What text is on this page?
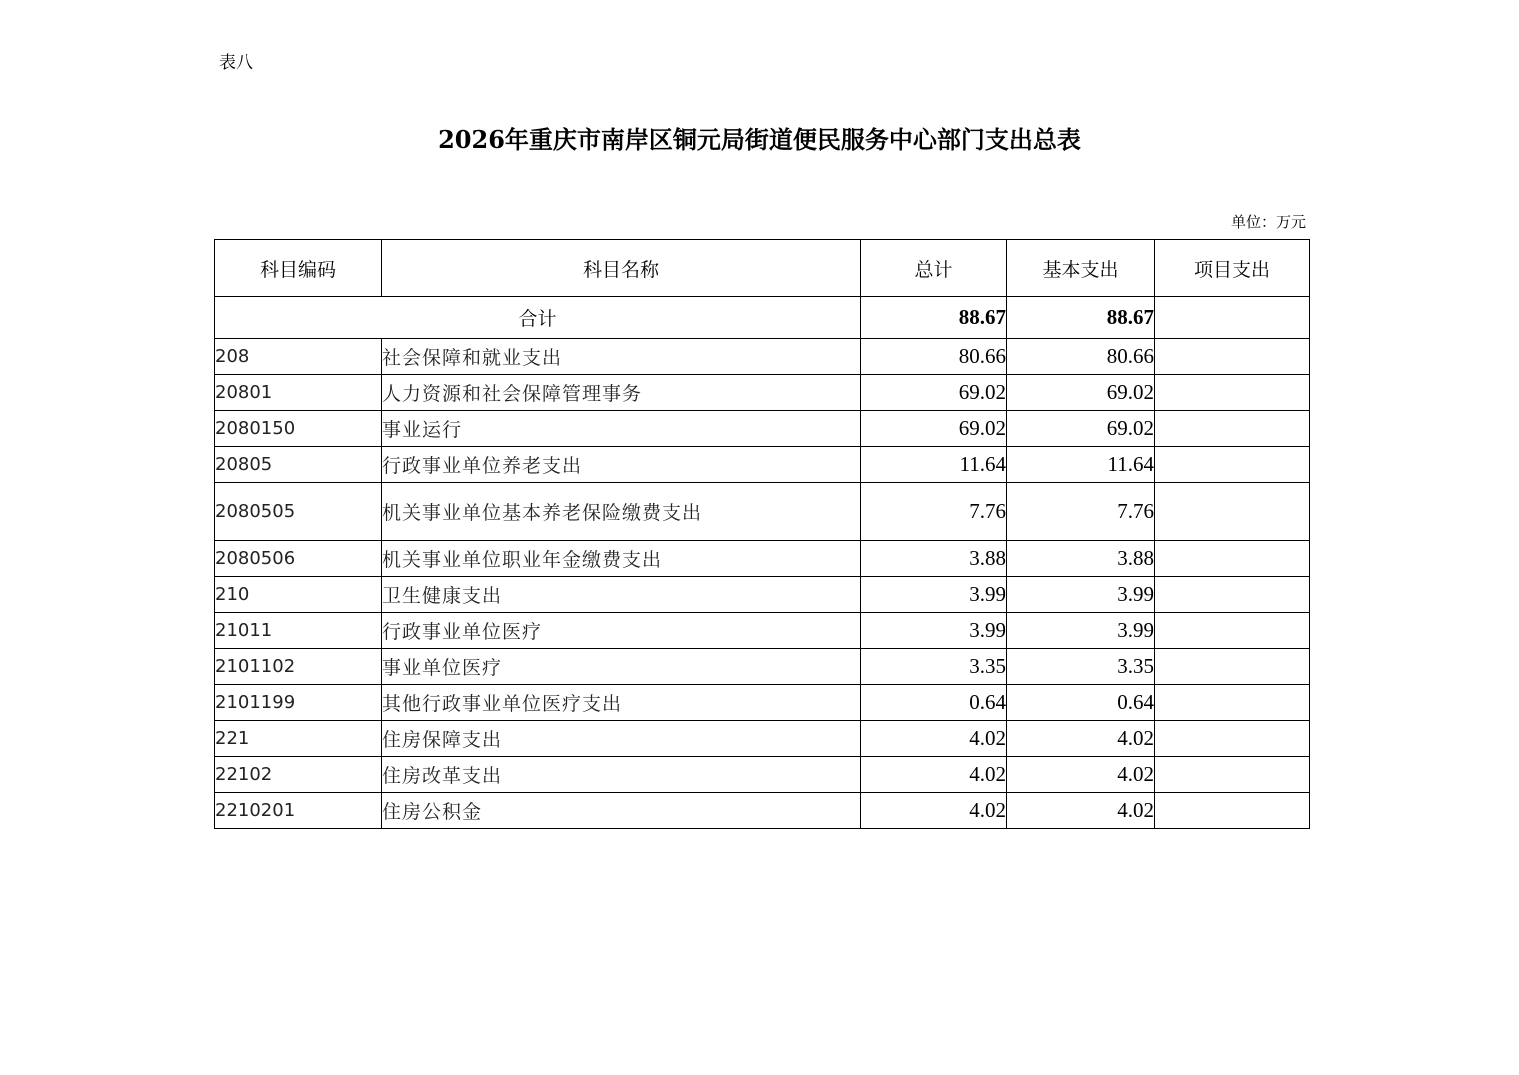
表八
2026年重庆市南岸区铜元局街道便民服务中心部门支出总表
单位：万元
科目编码	科目名称	总计	基本支出	项目支出
合计		88.67	88.67	
208	社会保障和就业支出	80.66	80.66	
20801	人力资源和社会保障管理事务	69.02	69.02	
2080150	事业运行	69.02	69.02	
20805	行政事业单位养老支出	11.64	11.64	
2080505	机关事业单位基本养老保险缴费支出	7.76	7.76	
2080506	机关事业单位职业年金缴费支出	3.88	3.88	
210	卫生健康支出	3.99	3.99	
21011	行政事业单位医疗	3.99	3.99	
2101102	事业单位医疗	3.35	3.35	
2101199	其他行政事业单位医疗支出	0.64	0.64	
221	住房保障支出	4.02	4.02	
22102	住房改革支出	4.02	4.02	
2210201	住房公积金	4.02	4.02	
